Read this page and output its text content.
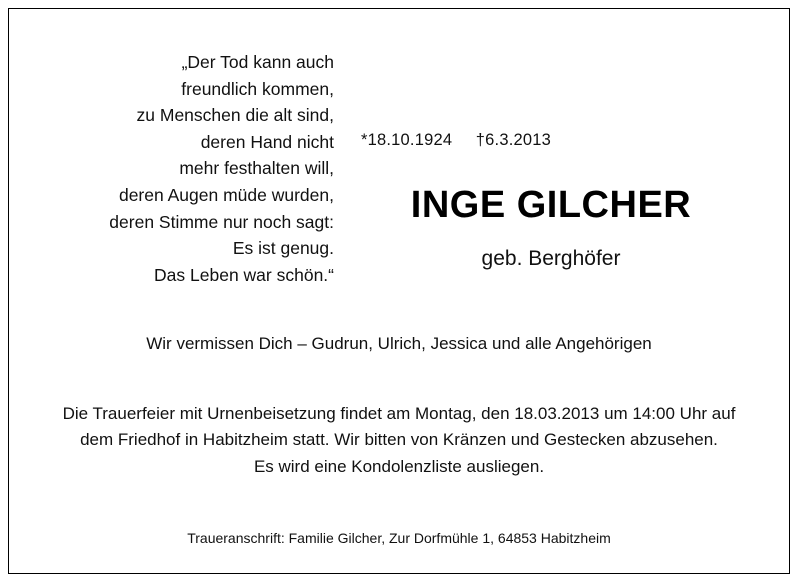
„Der Tod kann auch
freundlich kommen,
zu Menschen die alt sind,
deren Hand nicht
mehr festhalten will,
deren Augen müde wurden,
deren Stimme nur noch sagt:
Es ist genug.
Das Leben war schön.“
*18.10.1924 †6.3.2013
INGE GILCHER
geb. Berghöfer
Wir vermissen Dich – Gudrun, Ulrich, Jessica und alle Angehörigen
Die Trauerfeier mit Urnenbeisetzung findet am Montag, den 18.03.2013 um 14:00 Uhr auf
dem Friedhof in Habitzheim statt. Wir bitten von Kränzen und Gestecken abzusehen.
Es wird eine Kondolenzliste ausliegen.
Traueranschrift: Familie Gilcher, Zur Dorfmühle 1, 64853 Habitzheim
